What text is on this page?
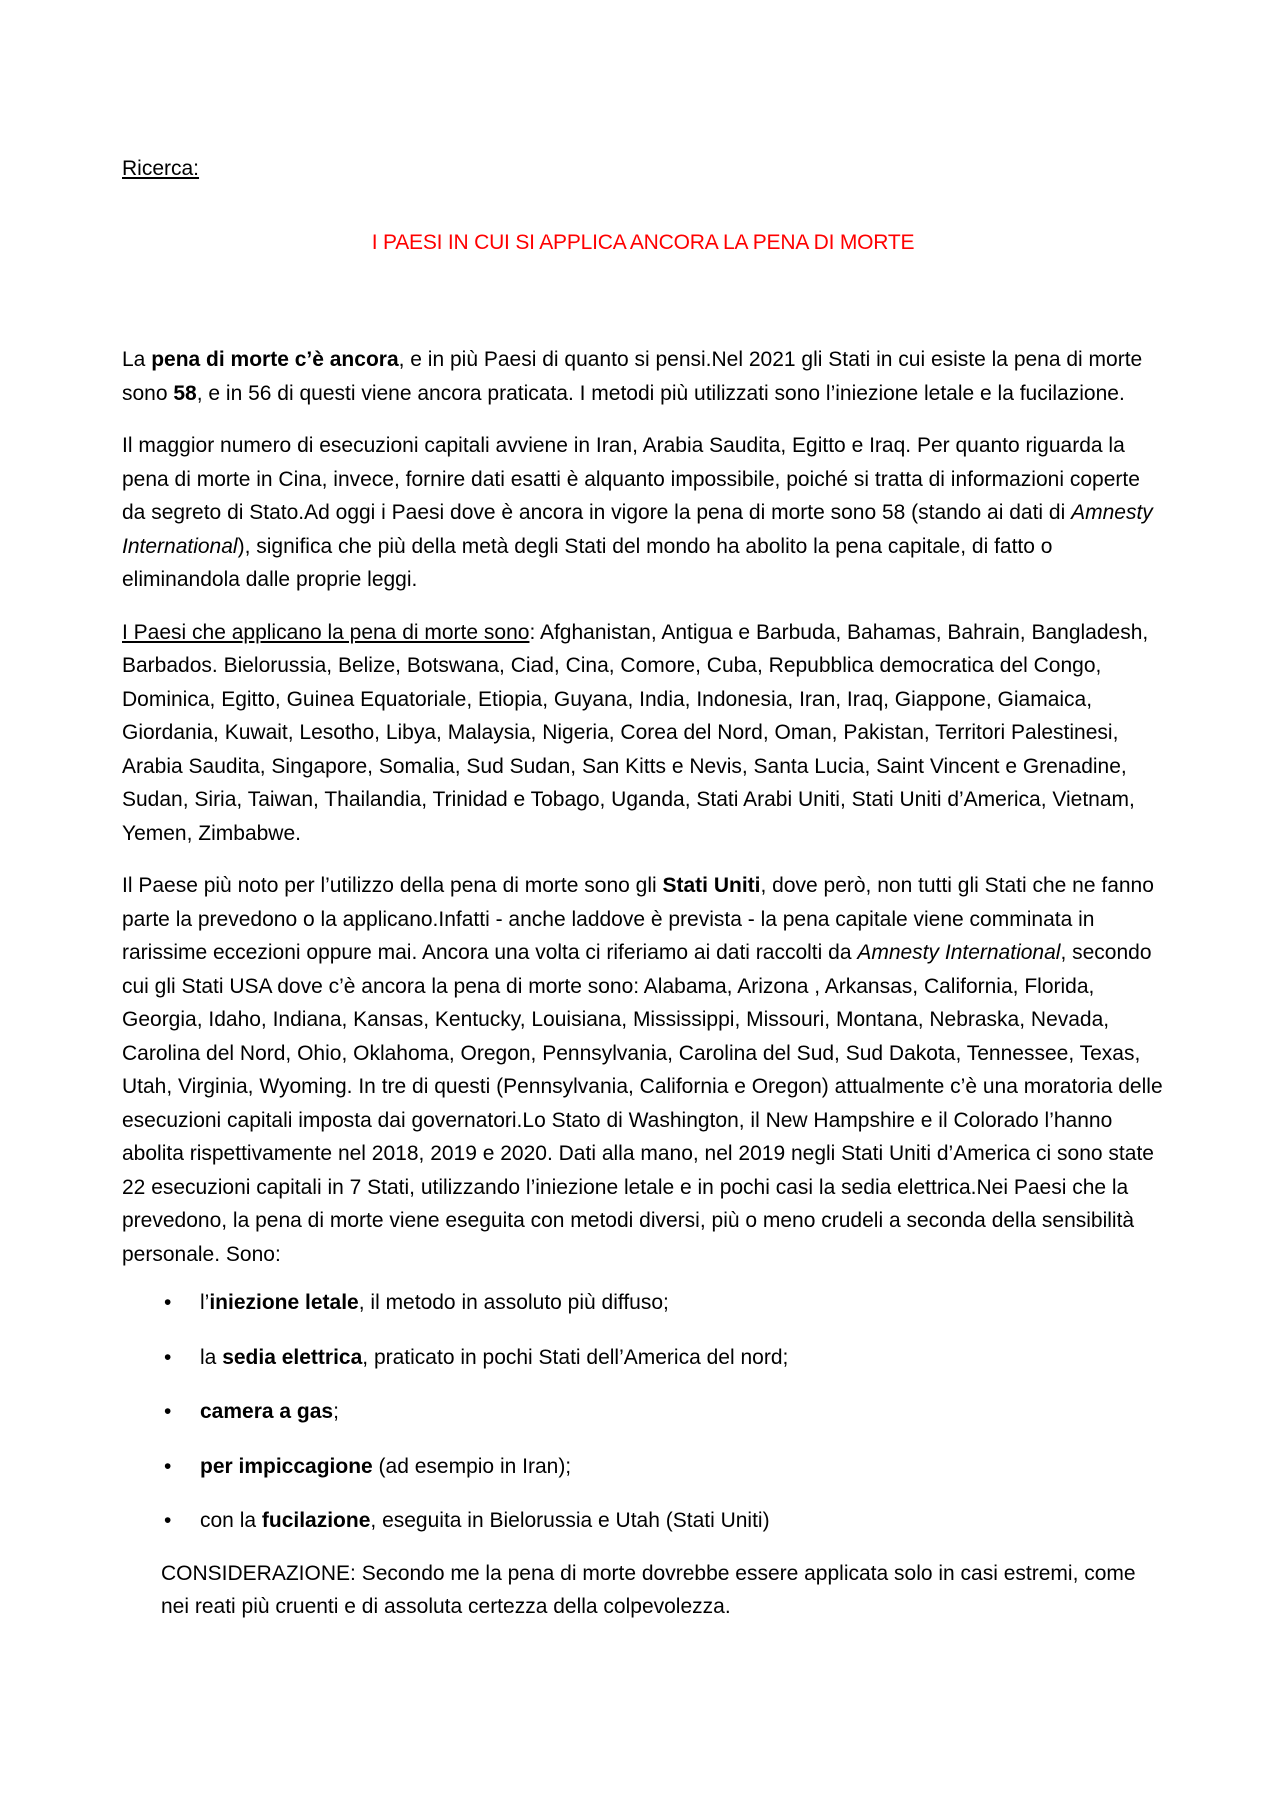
Ricerca:

I PAESI IN CUI SI APPLICA ANCORA LA PENA DI MORTE

La pena di morte c’è ancora, e in più Paesi di quanto si pensi.Nel 2021 gli Stati in cui esiste la pena di morte sono 58, e in 56 di questi viene ancora praticata. I metodi più utilizzati sono l’iniezione letale e la fucilazione.

Il maggior numero di esecuzioni capitali avviene in Iran, Arabia Saudita, Egitto e Iraq. Per quanto riguarda la pena di morte in Cina, invece, fornire dati esatti è alquanto impossibile, poiché si tratta di informazioni coperte da segreto di Stato.Ad oggi i Paesi dove è ancora in vigore la pena di morte sono 58 (stando ai dati di Amnesty International), significa che più della metà degli Stati del mondo ha abolito la pena capitale, di fatto o eliminandola dalle proprie leggi.

I Paesi che applicano la pena di morte sono: Afghanistan, Antigua e Barbuda, Bahamas, Bahrain, Bangladesh, Barbados. Bielorussia, Belize, Botswana, Ciad, Cina, Comore, Cuba, Repubblica democratica del Congo, Dominica, Egitto, Guinea Equatoriale, Etiopia, Guyana, India, Indonesia, Iran, Iraq, Giappone, Giamaica, Giordania, Kuwait, Lesotho, Libya, Malaysia, Nigeria, Corea del Nord, Oman, Pakistan, Territori Palestinesi, Arabia Saudita, Singapore, Somalia, Sud Sudan, San Kitts e Nevis, Santa Lucia, Saint Vincent e Grenadine, Sudan, Siria, Taiwan, Thailandia, Trinidad e Tobago, Uganda, Stati Arabi Uniti, Stati Uniti d’America, Vietnam, Yemen, Zimbabwe.

Il Paese più noto per l’utilizzo della pena di morte sono gli Stati Uniti, dove però, non tutti gli Stati che ne fanno parte la prevedono o la applicano.Infatti - anche laddove è prevista - la pena capitale viene comminata in rarissime eccezioni oppure mai. Ancora una volta ci riferiamo ai dati raccolti da Amnesty International, secondo cui gli Stati USA dove c’è ancora la pena di morte sono: Alabama, Arizona , Arkansas, California, Florida, Georgia, Idaho, Indiana, Kansas, Kentucky, Louisiana, Mississippi, Missouri, Montana, Nebraska, Nevada, Carolina del Nord, Ohio, Oklahoma, Oregon, Pennsylvania, Carolina del Sud, Sud Dakota, Tennessee, Texas, Utah, Virginia, Wyoming. In tre di questi (Pennsylvania, California e Oregon) attualmente c’è una moratoria delle esecuzioni capitali imposta dai governatori.Lo Stato di Washington, il New Hampshire e il Colorado l’hanno abolita rispettivamente nel 2018, 2019 e 2020. Dati alla mano, nel 2019 negli Stati Uniti d’America ci sono state 22 esecuzioni capitali in 7 Stati, utilizzando l’iniezione letale e in pochi casi la sedia elettrica.Nei Paesi che la prevedono, la pena di morte viene eseguita con metodi diversi, più o meno crudeli a seconda della sensibilità personale. Sono:

• l’iniezione letale, il metodo in assoluto più diffuso;
• la sedia elettrica, praticato in pochi Stati dell’America del nord;
• camera a gas;
• per impiccagione (ad esempio in Iran);
• con la fucilazione, eseguita in Bielorussia e Utah (Stati Uniti)

CONSIDERAZIONE: Secondo me la pena di morte dovrebbe essere applicata solo in casi estremi, come nei reati più cruenti e di assoluta certezza della colpevolezza.
